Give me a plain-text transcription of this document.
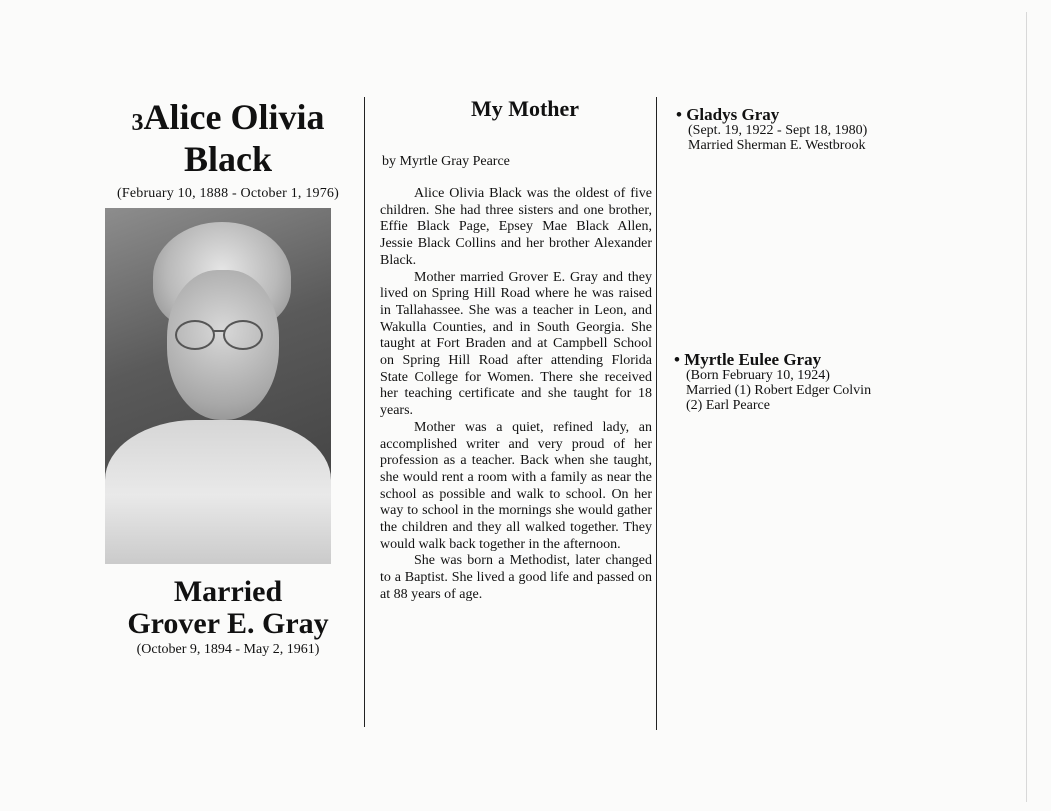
$^3$Alice Olivia
Black
(February 10, 1888 - October 1, 1976)
Married
Grover E. Gray
(October 9, 1894 - May 2, 1961)
My Mother
by Myrtle Gray Pearce

Alice Olivia Black was the oldest of five children. She had three sisters and one brother, Effie Black Page, Epsey Mae Black Allen, Jessie Black Collins and her brother Alexander Black.

Mother married Grover E. Gray and they lived on Spring Hill Road where he was raised in Tallahassee. She was a teacher in Leon, and Wakulla Counties, and in South Georgia. She taught at Fort Braden and at Campbell School on Spring Hill Road after attending Florida State College for Women. There she received her teaching certificate and she taught for 18 years.

Mother was a quiet, refined lady, an accomplished writer and very proud of her profession as a teacher. Back when she taught, she would rent a room with a family as near the school as possible and walk to school. On her way to school in the mornings she would gather the children and they all walked together. They would walk back together in the afternoon.

She was born a Methodist, later changed to a Baptist. She lived a good life and passed on at 88 years of age.

• Gladys Gray
(Sept. 19, 1922 - Sept 18, 1980)
Married Sherman E. Westbrook
• Myrtle Eulee Gray
(Born February 10, 1924)
Married (1) Robert Edger Colvin
(2) Earl Pearce
